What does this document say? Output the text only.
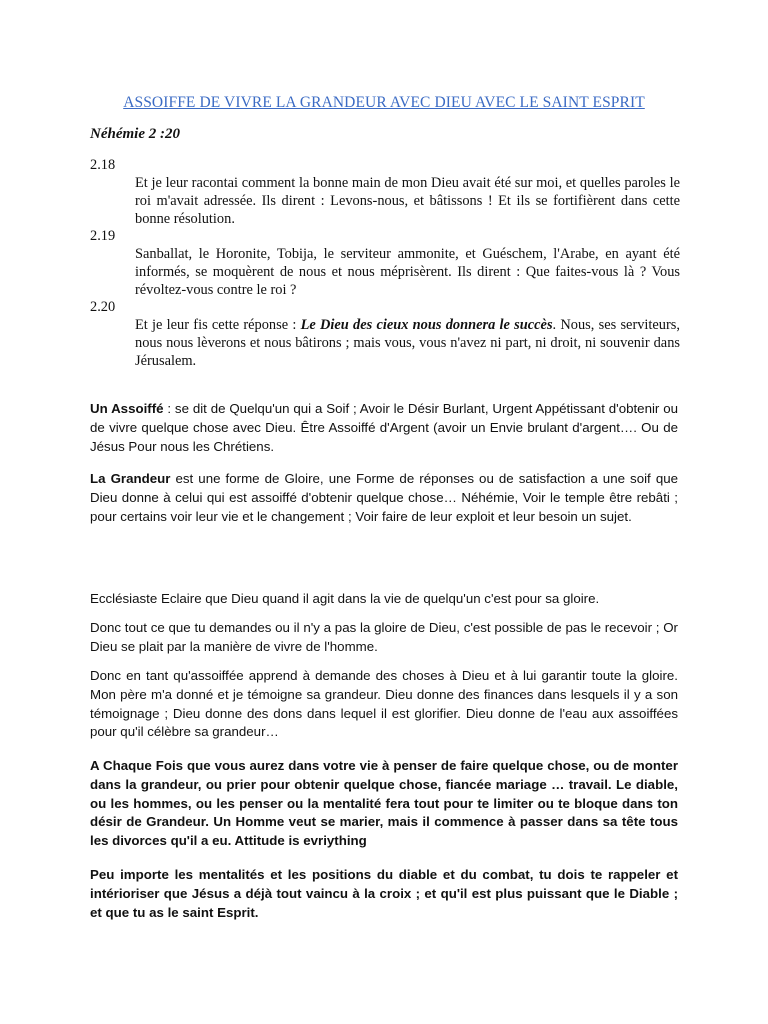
ASSOIFFE DE VIVRE LA GRANDEUR AVEC DIEU AVEC LE SAINT ESPRIT
Néhémie 2 :20
2.18

Et je leur racontai comment la bonne main de mon Dieu avait été sur moi, et quelles paroles le roi m'avait adressée. Ils dirent : Levons-nous, et bâtissons ! Et ils se fortifièrent dans cette bonne résolution.

2.19

Sanballat, le Horonite, Tobija, le serviteur ammonite, et Guéschem, l'Arabe, en ayant été informés, se moquèrent de nous et nous méprisèrent. Ils dirent : Que faites-vous là ? Vous révoltez-vous contre le roi ?

2.20

Et je leur fis cette réponse : Le Dieu des cieux nous donnera le succès. Nous, ses serviteurs, nous nous lèverons et nous bâtirons ; mais vous, vous n'avez ni part, ni droit, ni souvenir dans Jérusalem.

Un Assoiffé : se dit de Quelqu'un qui a Soif ; Avoir le Désir Burlant, Urgent Appétissant d'obtenir ou de vivre quelque chose avec Dieu. Être Assoiffé d'Argent (avoir un Envie brulant d'argent…. Ou de Jésus Pour nous les Chrétiens.

La Grandeur est une forme de Gloire, une Forme de réponses ou de satisfaction a une soif que Dieu donne à celui qui est assoiffé d'obtenir quelque chose… Néhémie, Voir le temple être rebâti ; pour certains voir leur vie et le changement ; Voir faire de leur exploit et leur besoin un sujet.

Ecclésiaste Eclaire que Dieu quand il agit dans la vie de quelqu'un c'est pour sa gloire.

Donc tout ce que tu demandes ou il n'y a pas la gloire de Dieu, c'est possible de pas le recevoir ; Or Dieu se plait par la manière de vivre de l'homme.

Donc en tant qu'assoiffée apprend à demande des choses à Dieu et à lui garantir toute la gloire. Mon père m'a donné et je témoigne sa grandeur. Dieu donne des finances dans lesquels il y a son témoignage ; Dieu donne des dons dans lequel il est glorifier. Dieu donne de l'eau aux assoiffées pour qu'il célèbre sa grandeur…

A Chaque Fois que vous aurez dans votre vie à penser de faire quelque chose, ou de monter dans la grandeur, ou prier pour obtenir quelque chose, fiancée mariage … travail. Le diable, ou les hommes, ou les penser ou la mentalité fera tout pour te limiter ou te bloque dans ton désir de Grandeur. Un Homme veut se marier, mais il commence à passer dans sa tête tous les divorces qu'il a eu. Attitude is evriything

Peu importe les mentalités et les positions du diable et du combat, tu dois te rappeler et intérioriser que Jésus a déjà tout vaincu à la croix ; et qu'il est plus puissant que le Diable ; et que tu as le saint Esprit.
